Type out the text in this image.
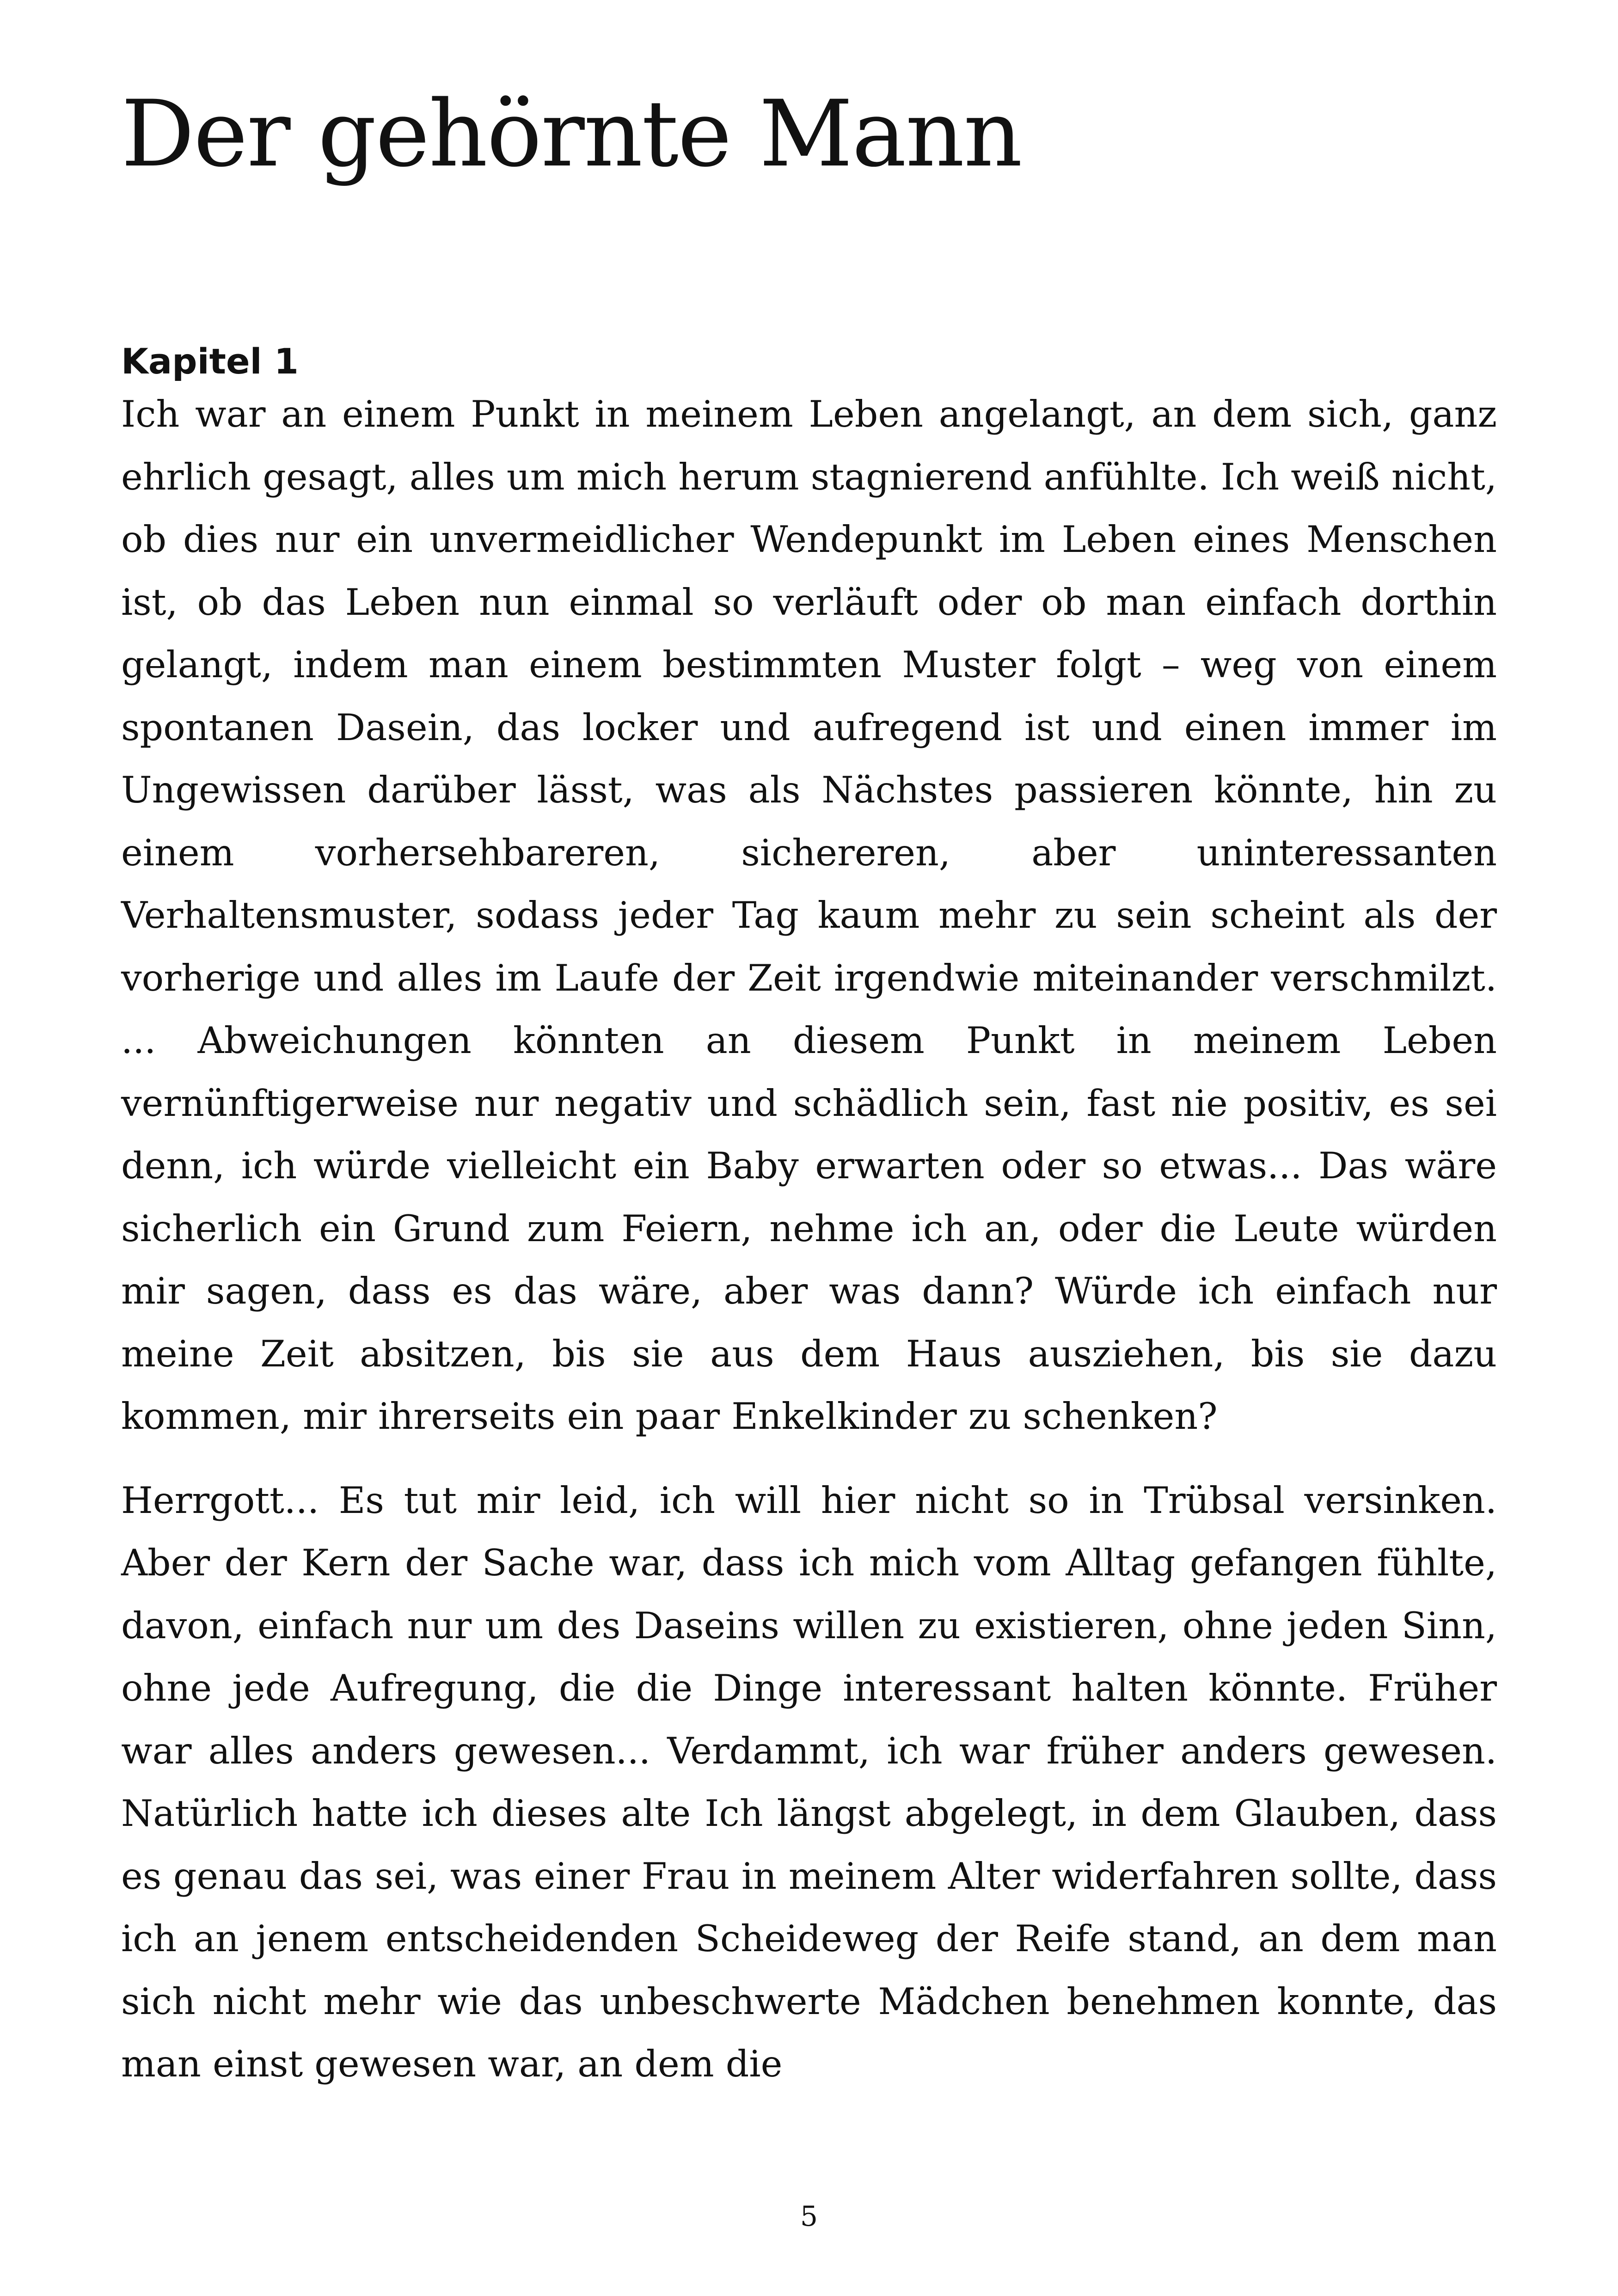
Der gehörnte Mann
Kapitel 1

Ich war an einem Punkt in meinem Leben angelangt, an dem sich, ganz ehrlich gesagt, alles um mich herum stagnierend anfühlte. Ich weiß nicht, ob dies nur ein unvermeidlicher Wendepunkt im Leben eines Menschen ist, ob das Leben nun einmal so verläuft oder ob man einfach dorthin gelangt, indem man einem bestimmten Muster folgt – weg von einem spontanen Dasein, das locker und aufregend ist und einen immer im Ungewissen darüber lässt, was als Nächstes passieren könnte, hin zu einem vorhersehbareren, sichereren, aber uninteressanten Verhaltensmuster, sodass jeder Tag kaum mehr zu sein scheint als der vorherige und alles im Laufe der Zeit irgendwie miteinander verschmilzt. ... Abweichungen könnten an diesem Punkt in meinem Leben vernünftigerweise nur negativ und schädlich sein, fast nie positiv, es sei denn, ich würde vielleicht ein Baby erwarten oder so etwas... Das wäre sicherlich ein Grund zum Feiern, nehme ich an, oder die Leute würden mir sagen, dass es das wäre, aber was dann? Würde ich einfach nur meine Zeit absitzen, bis sie aus dem Haus ausziehen, bis sie dazu kommen, mir ihrerseits ein paar Enkelkinder zu schenken?

Herrgott... Es tut mir leid, ich will hier nicht so in Trübsal versinken. Aber der Kern der Sache war, dass ich mich vom Alltag gefangen fühlte, davon, einfach nur um des Daseins willen zu existieren, ohne jeden Sinn, ohne jede Aufregung, die die Dinge interessant halten könnte. Früher war alles anders gewesen... Verdammt, ich war früher anders gewesen. Natürlich hatte ich dieses alte Ich längst abgelegt, in dem Glauben, dass es genau das sei, was einer Frau in meinem Alter widerfahren sollte, dass ich an jenem entscheidenden Scheideweg der Reife stand, an dem man sich nicht mehr wie das unbeschwerte Mädchen benehmen konnte, das man einst gewesen war, an dem die

5
